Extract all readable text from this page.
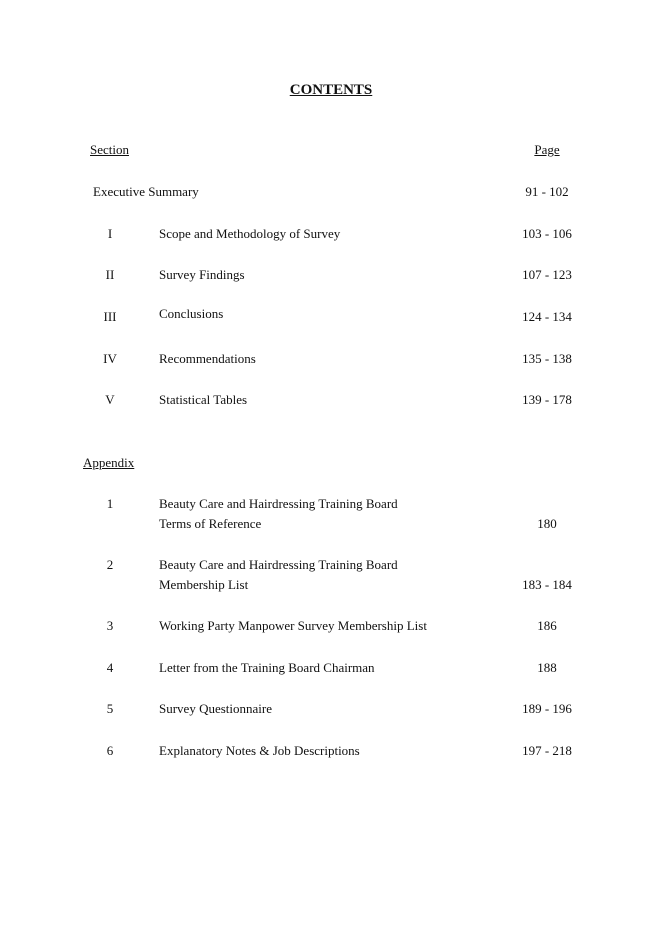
CONTENTS
Section	Page
Executive Summary	91 - 102
I	Scope and Methodology of Survey	103 - 106
II	Survey Findings	107 - 123
III	Conclusions	124 - 134
IV	Recommendations	135 - 138
V	Statistical Tables	139 - 178
Appendix
1	Beauty Care and Hairdressing Training Board
Terms of Reference	180
2	Beauty Care and Hairdressing Training Board
Membership List	183 - 184
3	Working Party Manpower Survey Membership List	186
4	Letter from the Training Board Chairman	188
5	Survey Questionnaire	189 - 196
6	Explanatory Notes & Job Descriptions	197 - 218
